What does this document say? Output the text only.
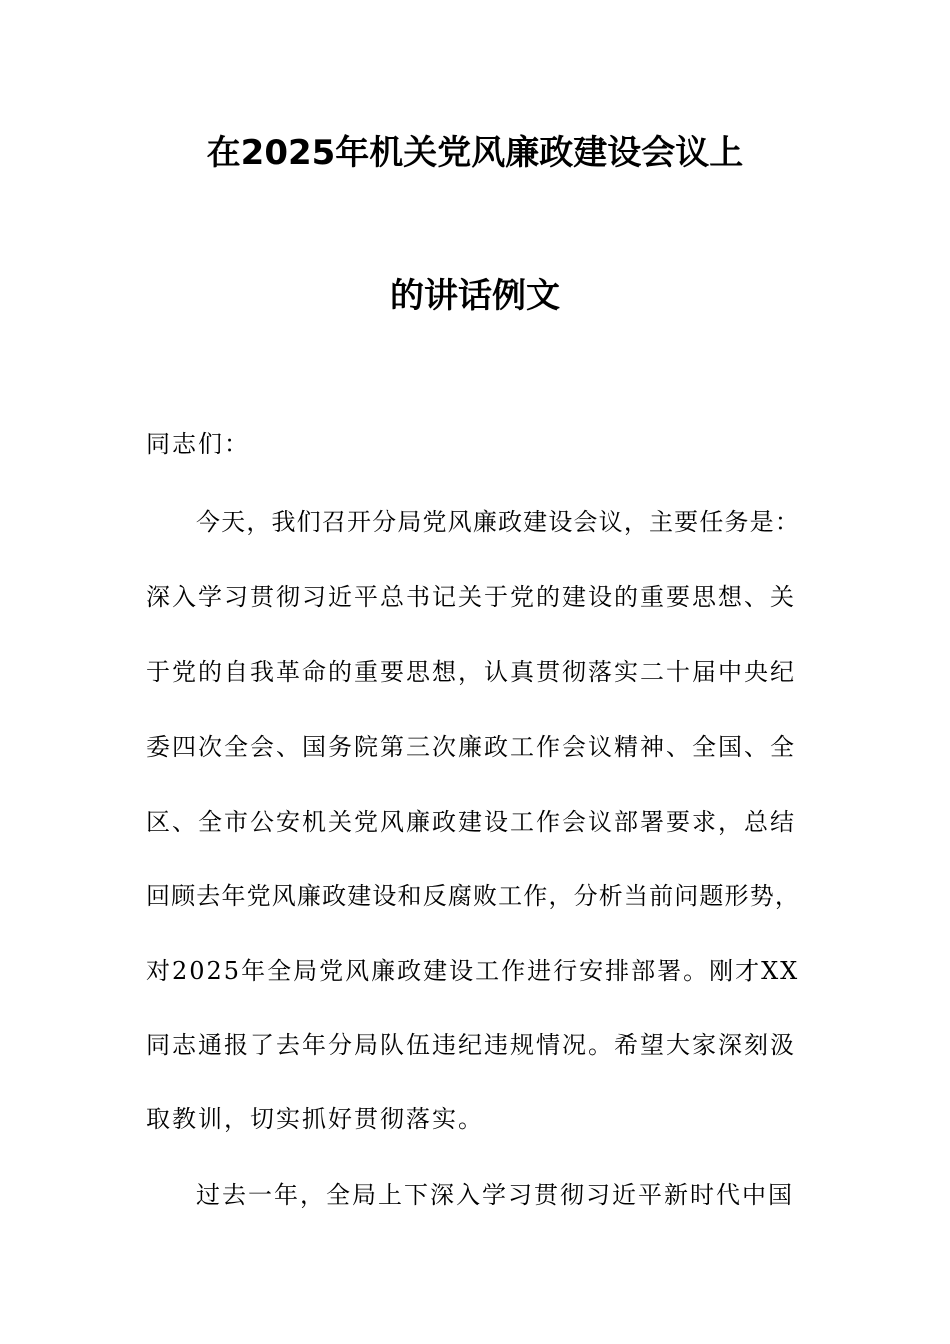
在2025年机关党风廉政建设会议上
的讲话例文
同志们：
今天，我们召开分局党风廉政建设会议，主要任务是：
深入学习贯彻习近平总书记关于党的建设的重要思想、关
于党的自我革命的重要思想，认真贯彻落实二十届中央纪
委四次全会、国务院第三次廉政工作会议精神、全国、全
区、全市公安机关党风廉政建设工作会议部署要求，总结
回顾去年党风廉政建设和反腐败工作，分析当前问题形势，
对2025年全局党风廉政建设工作进行安排部署。刚才XX
同志通报了去年分局队伍违纪违规情况。希望大家深刻汲
取教训，切实抓好贯彻落实。
过去一年，全局上下深入学习贯彻习近平新时代中国
